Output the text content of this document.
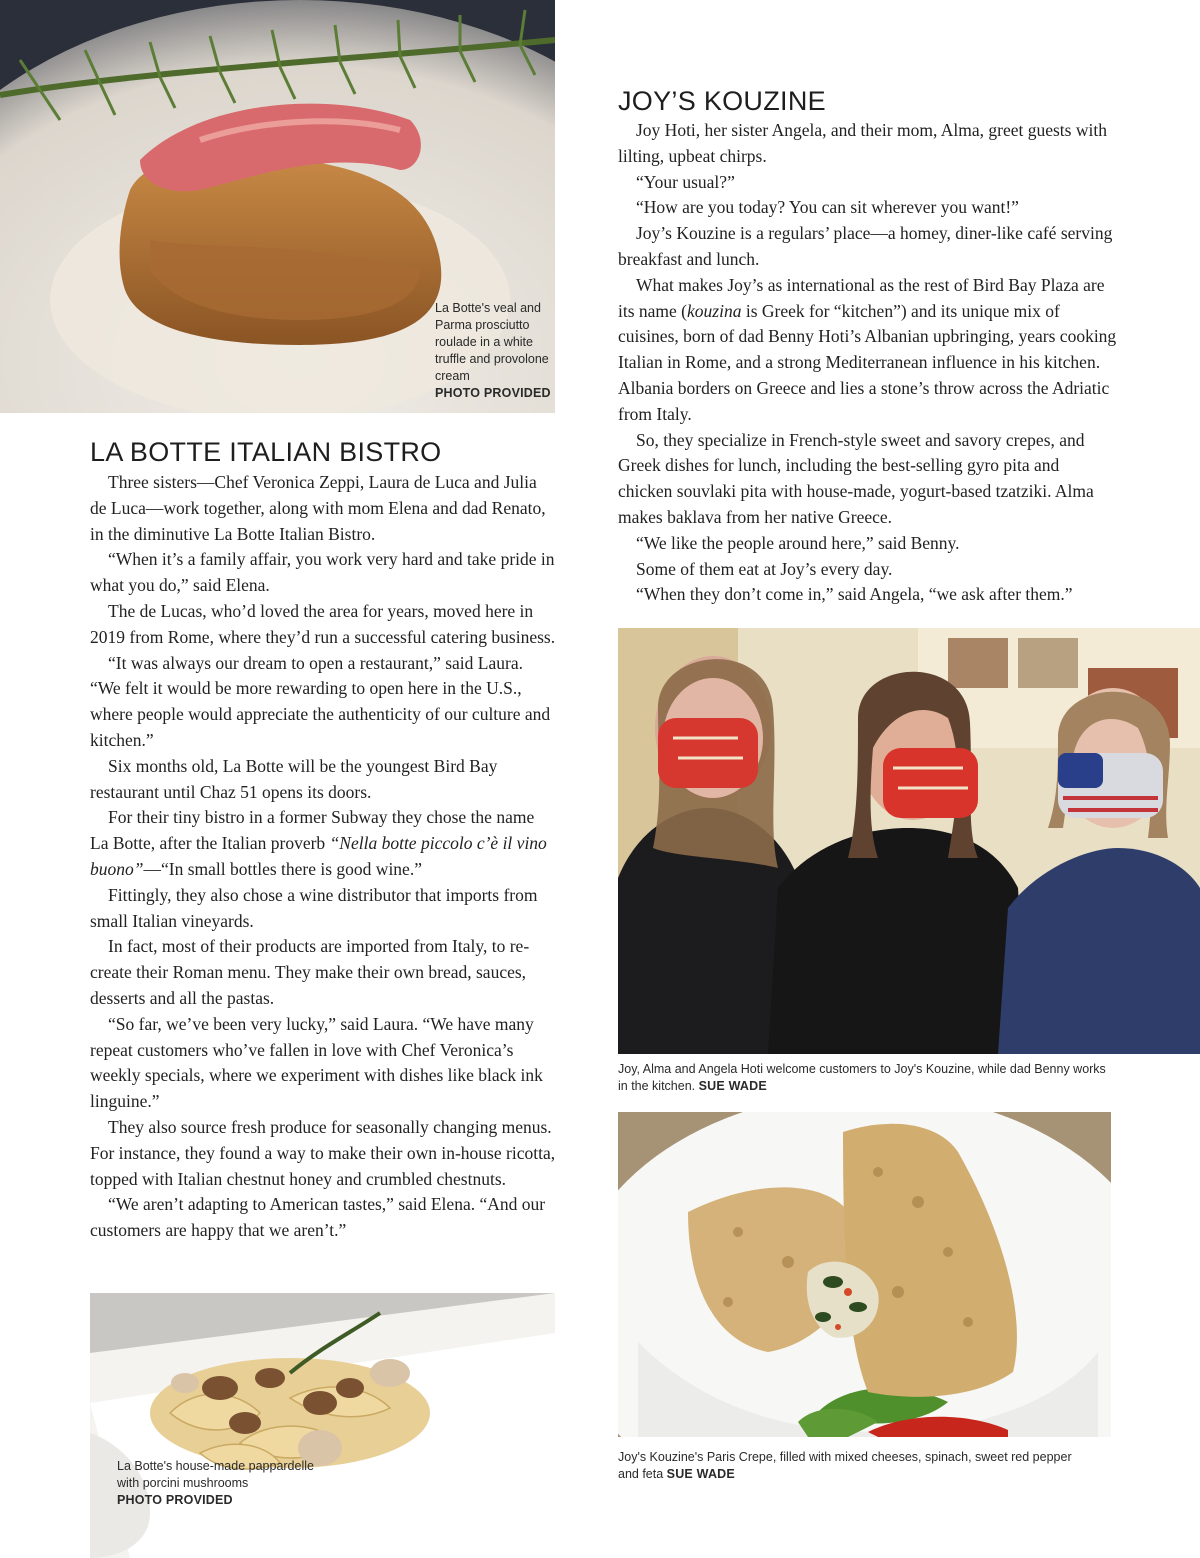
La Botte's veal and Parma prosciutto roulade in a white truffle and provolone cream
PHOTO PROVIDED
LA BOTTE ITALIAN BISTRO

Three sisters—Chef Veronica Zeppi, Laura de Luca and Julia de Luca—work together, along with mom Elena and dad Renato, in the diminutive La Botte Italian Bistro.

“When it’s a family affair, you work very hard and take pride in what you do,” said Elena.

The de Lucas, who’d loved the area for years, moved here in 2019 from Rome, where they’d run a successful catering business.

“It was always our dream to open a restaurant,” said Laura. “We felt it would be more rewarding to open here in the U.S., where people would appreciate the authenticity of our culture and kitchen.”

Six months old, La Botte will be the youngest Bird Bay restaurant until Chaz 51 opens its doors.

For their tiny bistro in a former Subway they chose the name La Botte, after the Italian proverb “Nella botte piccolo c’è il vino buono”—“In small bottles there is good wine.”

Fittingly, they also chose a wine distributor that imports from small Italian vineyards.

In fact, most of their products are imported from Italy, to re-create their Roman menu. They make their own bread, sauces, desserts and all the pastas.

“So far, we’ve been very lucky,” said Laura. “We have many repeat customers who’ve fallen in love with Chef Veronica’s weekly specials, where we experiment with dishes like black ink linguine.”

They also source fresh produce for seasonally changing menus. For instance, they found a way to make their own in-house ricotta, topped with Italian chestnut honey and crumbled chestnuts.

“We aren’t adapting to American tastes,” said Elena. “And our customers are happy that we aren’t.”

La Botte's house-made pappardelle with porcini mushrooms
PHOTO PROVIDED
JOY’S KOUZINE

Joy Hoti, her sister Angela, and their mom, Alma, greet guests with lilting, upbeat chirps.

“Your usual?”

“How are you today? You can sit wherever you want!”

Joy’s Kouzine is a regulars’ place—a homey, diner-like café serving breakfast and lunch.

What makes Joy’s as international as the rest of Bird Bay Plaza are its name (kouzina is Greek for “kitchen”) and its unique mix of cuisines, born of dad Benny Hoti’s Albanian upbringing, years cooking Italian in Rome, and a strong Mediterranean influence in his kitchen. Albania borders on Greece and lies a stone’s throw across the Adriatic from Italy.

So, they specialize in French-style sweet and savory crepes, and Greek dishes for lunch, including the best-selling gyro pita and chicken souvlaki pita with house-made, yogurt-based tzatziki. Alma makes baklava from her native Greece.

“We like the people around here,” said Benny.

Some of them eat at Joy’s every day.

“When they don’t come in,” said Angela, “we ask after them.”

Joy, Alma and Angela Hoti welcome customers to Joy's Kouzine, while dad Benny works in the kitchen. SUE WADE
Joy's Kouzine's Paris Crepe, filled with mixed cheeses, spinach, sweet red pepper and feta SUE WADE
